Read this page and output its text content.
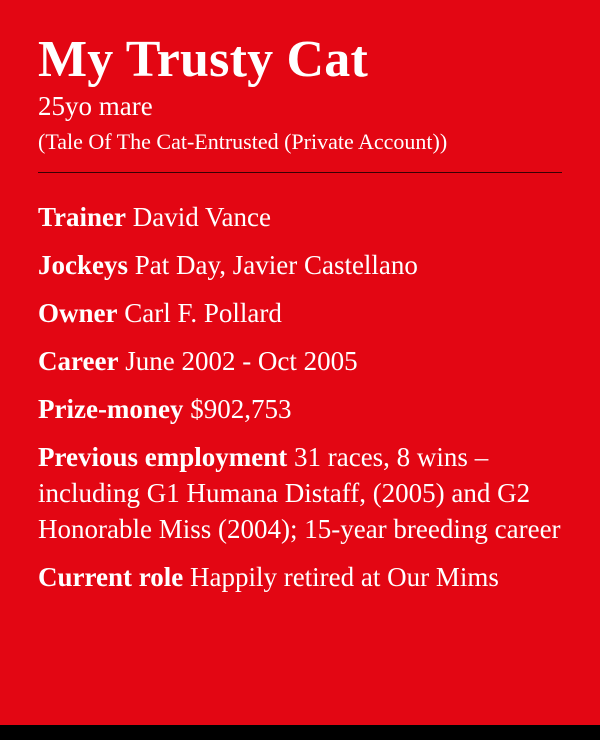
My Trusty Cat

25yo mare

(Tale Of The Cat-Entrusted (Private Account))

Trainer David Vance

Jockeys Pat Day, Javier Castellano

Owner Carl F. Pollard

Career June 2002 - Oct 2005

Prize-money $902,753

Previous employment 31 races, 8 wins – including G1 Humana Distaff, (2005) and G2 Honorable Miss (2004); 15-year breeding career

Current role Happily retired at Our Mims
